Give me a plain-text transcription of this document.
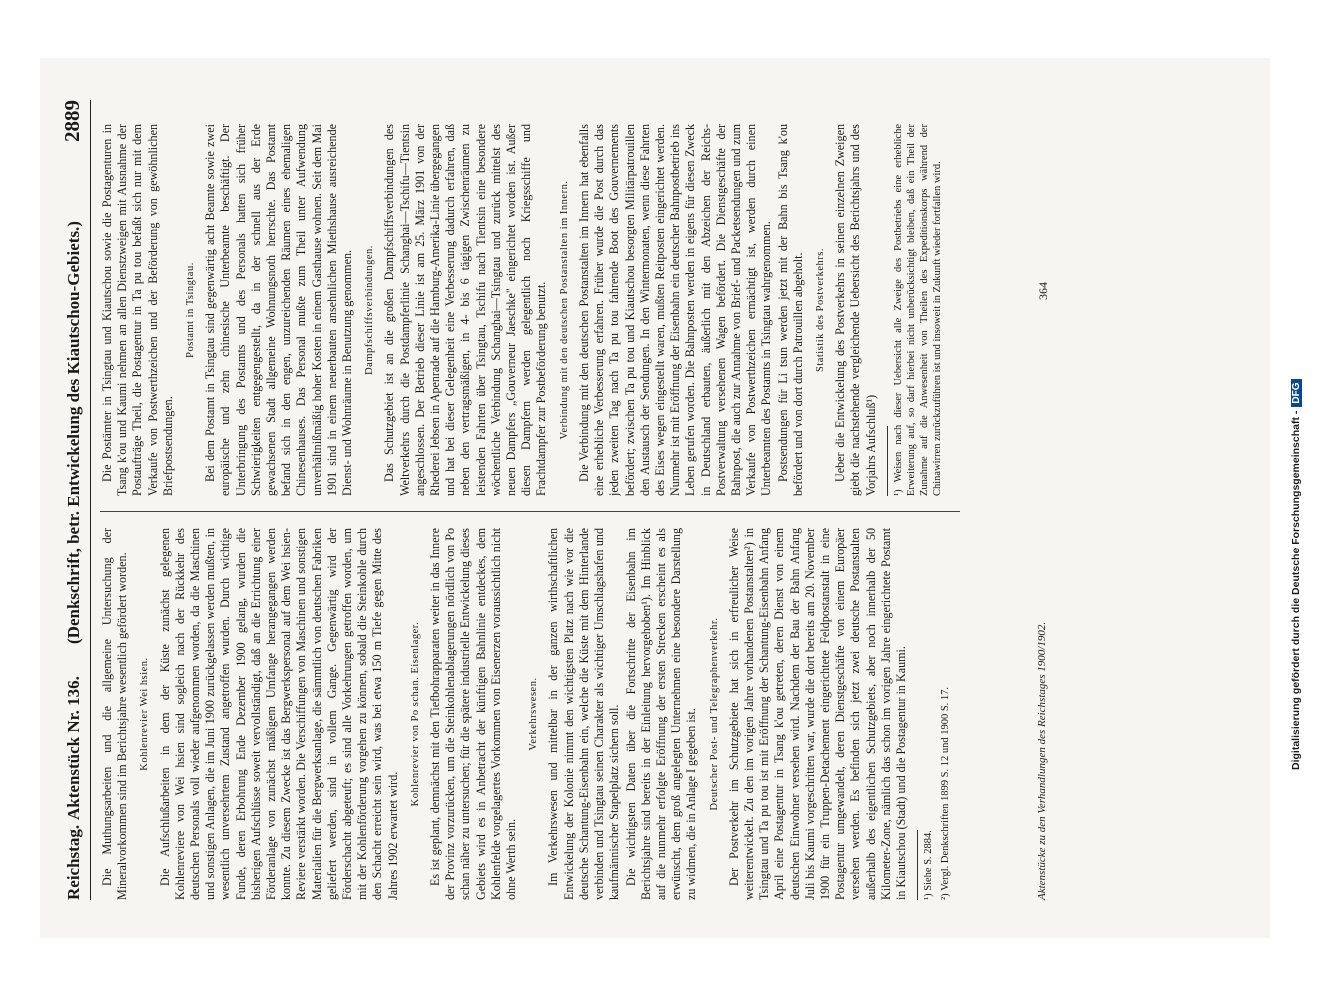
Reichstag.
Aktenstück Nr. 136.
(Denkschrift, betr. Entwickelung des Kiautschou-Gebiets.)
2889

Die Muthungsarbeiten und die allgemeine Untersuchung der Mineralvorkommen sind im Berichtsjahre wesentlich gefördert worden. Kohlenrevier Wei hsien. Die Aufschlußarbeiten in dem der Küste zunächst gelegenen Kohlenreviere von Wei hsien sind sogleich nach der Rückkehr des deutschen Personals voll wieder aufgenommen worden, da die Maschinen und sonstigen Anlagen, die im Juni 1900 zurückgelassen werden mußten, in wesentlich unversehrtem Zustand angetroffen wurden. Durch wichtige Funde, deren Erbohrung Ende Dezember 1900 gelang, wurden die bisherigen Aufschlüsse soweit vervollständigt, daß an die Errichtung einer Förderanlage von zunächst mäßigem Umfange herangegangen werden konnte. Zu diesem Zwecke ist das Bergwerkspersonal auf dem Wei hsien-Reviere verstärkt worden. Die Verschiffungen von Maschinen und sonstigen Materialien für die Bergwerksanlage, die sämmtlich von deutschen Fabriken geliefert werden, sind in vollem Gange. Gegenwärtig wird der Förderschacht abgeteuft; es sind alle Vorkehrungen getroffen worden, um mit der Kohlenförderung vorgehen zu können, sobald die Steinkohle durch den Schacht erreicht sein wird, was bei etwa 150 m Tiefe gegen Mitte des Jahres 1902 erwartet wird.

Kohlenrevier von Po schan. Eisenlager. Es ist geplant, demnächst mit den Tiefbohrapparaten weiter in das Innere der Provinz vorzurücken, um die Steinkohlenablagerungen nördlich von Po schan näher zu untersuchen; für die spätere industrielle Entwickelung dieses Gebiets wird es in Anbetracht der künftigen Bahnlinie entdeckes, dem Kohlenfelde vorgelagertes Vorkommen von Eisenerzen voraussichtlich nicht ohne Werth sein.

Verkehrswesen. Im Verkehrswesen und mittelbar in der ganzen wirthschaftlichen Entwickelung der Kolonie nimmt den wichtigsten Platz nach wie vor die deutsche Schantung-Eisenbahn ein, welche die Küste mit dem Hinterlande verbinden und Tsingtau seinen Charakter als wichtiger Umschlagshafen und kaufmännischer Stapelplatz sichern soll. Die wichtigsten Daten über die Fortschritte der Eisenbahn im Berichtsjahre sind bereits in der Einleitung hervorgehoben¹). Im Hinblick auf die nunmehr erfolgte Eröffnung der ersten Strecken erscheint es als erwünscht, dem groß angelegten Unternehmen eine besondere Darstellung zu widmen, die in Anlage I gegeben ist. Deutscher Post- und Telegraphenverkehr. Der Postverkehr im Schutzgebiete hat sich in erfreulicher Weise weiterentwickelt. Zu den im vorigen Jahre vorhandenen Postanstalten²) in Tsingtau und Ta pu tou ist mit Eröffnung der Schantung-Eisenbahn Anfang April eine Postagentur in Tsang k'ou getreten, deren Dienst von einem deutschen Einwohner versehen wird. Nachdem der Bau der Bahn Anfang Juli bis Kaumi vorgeschritten war, wurde die dort bereits am 20. November 1900 für ein Truppen-Detachement eingerichtete Feldpostanstalt in eine Postagentur umgewandelt, deren Dienstgeschäfte von einem Europäer versehen werden. Es befinden sich jetzt zwei deutsche Postanstalten außerhalb des eigentlichen Schutzgebiets, aber noch innerhalb der 50 Kilometer-Zone, nämlich das schon im vorigen Jahre eingerichtete Postamt in Kiautschou (Stadt) und die Postagentur in Kaumi. ¹) Siehe S. 2884. ²) Vergl. Denkschriften 1899 S. 12 und 1900 S. 17.

Die Postämter in Tsingtau und Kiautschou sowie die Postagenturen in Tsang k'ou und Kaumi nehmen an allen Dienstzweigen mit Ausnahme der Postaufträge Theil, die Postagentur in Ta pu tou befaßt sich nur mit dem Verkaufe von Postwerthzeichen und der Beförderung von gewöhnlichen Briefpostsendungen.

Postamt in Tsingtau. Bei dem Postamt in Tsingtau sind gegenwärtig acht Beamte sowie zwei europäische und zehn chinesische Unterbeamte beschäftigt. Der Unterbringung des Postamts und des Personals hatten sich früher Schwierigkeiten entgegengestellt, da in der schnell aus der Erde gewachsenen Stadt allgemeine Wohnungsnoth herrschte. Das Postamt befand sich in den engen, unzureichenden Räumen eines ehemaligen Chinesenhauses. Das Personal mußte zum Theil unter Aufwendung unverhältnißmäßig hoher Kosten in einem Gasthause wohnen. Seit dem Mai 1901 sind in einem neuerbauten ansehnlichen Miethshause ausreichende Dienst- und Wohnräume in Benutzung genommen. Dampfschiffsverbindungen. Das Schutzgebiet ist an die großen Dampfschiffsverbindungen des Weltverkehrs durch die Postdampferlinie Schanghai—Tschifu—Tientsin angeschlossen. Der Betrieb dieser Linie ist am 25. März 1901 von der Rhederei Jebsen in Apenrade auf die Hamburg-Amerika-Linie übergegangen und hat bei dieser Gelegenheit eine Verbesserung dadurch erfahren, daß neben den vertragsmäßigen, in 4- bis 6 tägigen Zwischenräumen zu leistenden Fahrten über Tsingtau, Tschifu nach Tientsin eine besondere wöchentliche Verbindung Schanghai—Tsingtau und zurück mittelst des neuen Dampfers „Gouverneur Jaeschke" eingerichtet worden ist. Außer diesen Dampfern werden gelegentlich noch Kriegsschiffe und Frachtdampfer zur Postbeförderung benutzt. Verbindung mit den deutschen Postanstalten im Innern. Die Verbindung mit den deutschen Postanstalten im Innern hat ebenfalls eine erhebliche Verbesserung erfahren. Früher wurde die Post durch das jeden zweiten Tag nach Ta pu tou fahrende Boot des Gouvernements befördert; zwischen Ta pu tou und Kiautschou besorgten Militärpatrouillen den Austausch der Sendungen. In den Wintermonaten, wenn diese Fahrten des Eises wegen eingestellt waren, mußten Reitposten eingerichtet werden. Nunmehr ist mit Eröffnung der Eisenbahn ein deutscher Bahnpostbetrieb ins Leben gerufen worden. Die Bahnposten werden in eigens für diesen Zweck in Deutschland erbauten, äußerlich mit den Abzeichen der Reichs-Postverwaltung versehenen Wagen befördert. Die Dienstgeschäfte der Bahnpost, die auch zur Annahme von Brief- und Packetsendungen und zum Verkaufe von Postwerthzeichen ermächtigt ist, werden durch einen Unterbeamten des Postamts in Tsingtau wahrgenommen. Postsendungen für Li tsun werden jetzt mit der Bahn bis Tsang k'ou befördert und von dort durch Patrouillen abgeholt. Statistik des Postverkehrs. Ueber die Entwickelung des Postverkehrs in seinen einzelnen Zweigen giebt die nachstehende vergleichende Uebersicht des Berichtsjahrs und des Vorjahrs Aufschluß¹) ¹) Weisen nach dieser Uebersicht alle Zweige des Postbetriebs eine erhebliche Erweiterung auf, so darf hierbei nicht unberücksichtigt bleiben, daß ein Theil der Zunahme auf die Anwesenheit von Theilen des Expeditionskorps während der Chinawirren zurückzuführen ist und insoweit in Zukunft wieder fortfallen wird.

Aktenstücke zu den Verhandlungen des Reichstages 1900/1902.
364
Digitalisierung gefördert durch die Deutsche Forschungsgemeinschaft -DFG
